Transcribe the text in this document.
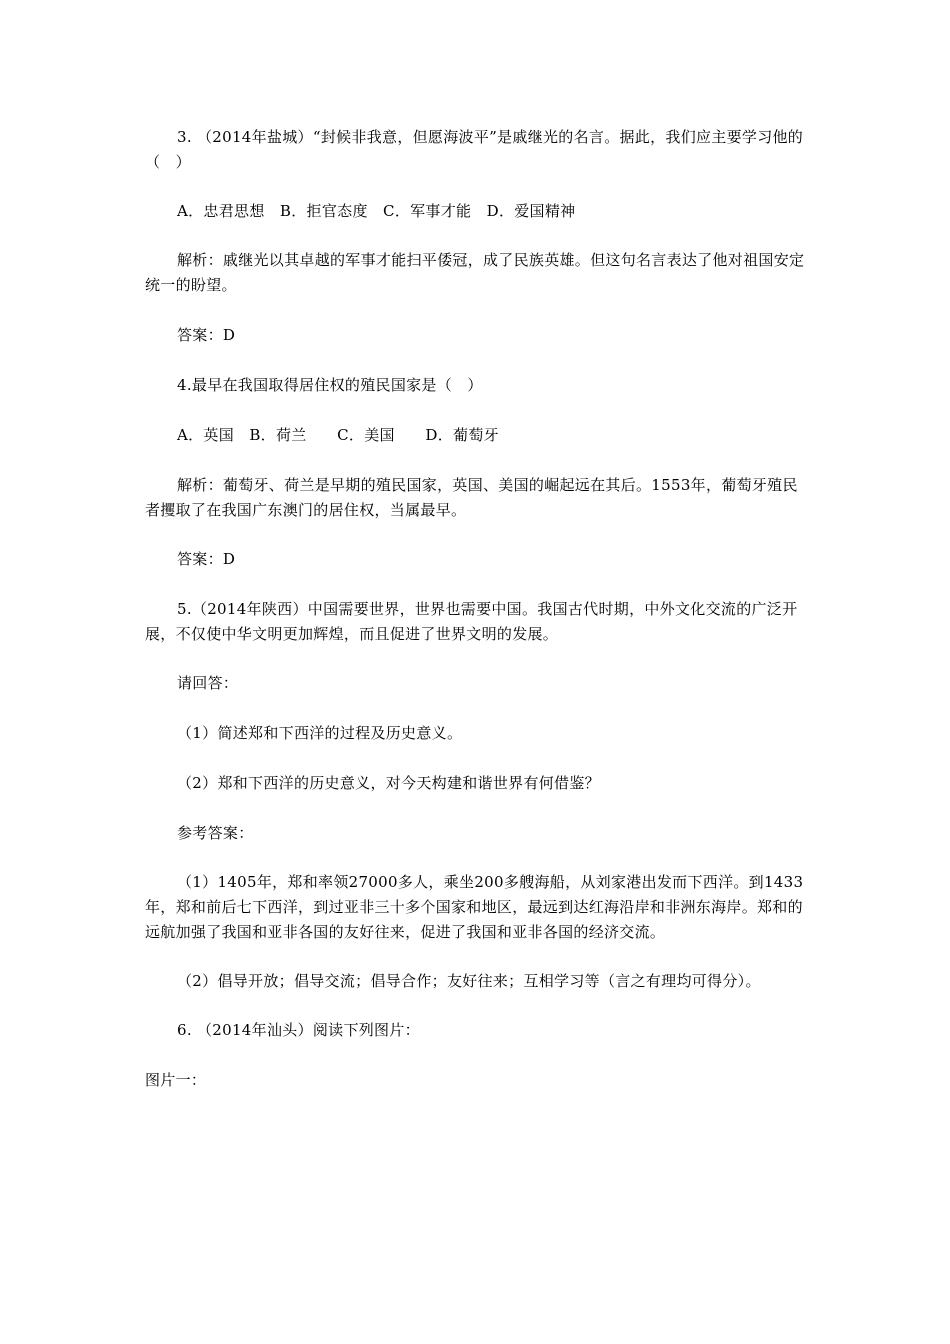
3. （2014年盐城）“封候非我意，但愿海波平”是戚继光的名言。据此，我们应主要学习他的（　）
A．忠君思想　B．拒官态度　C．军事才能　D．爱国精神
解析：戚继光以其卓越的军事才能扫平倭冠，成了民族英雄。但这句名言表达了他对祖国安定统一的盼望。
答案：D
4.最早在我国取得居住权的殖民国家是（　）
A．英国　B．荷兰　　C．美国　　D．葡萄牙
解析：葡萄牙、荷兰是早期的殖民国家，英国、美国的崛起远在其后。1553年，葡萄牙殖民者攫取了在我国广东澳门的居住权，当属最早。
答案：D
5.（2014年陕西）中国需要世界，世界也需要中国。我国古代时期，中外文化交流的广泛开展，不仅使中华文明更加辉煌，而且促进了世界文明的发展。
请回答：
（1）简述郑和下西洋的过程及历史意义。
（2）郑和下西洋的历史意义，对今天构建和谐世界有何借鉴？
参考答案：
（1）1405年，郑和率领27000多人，乘坐200多艘海船，从刘家港出发而下西洋。到1433年，郑和前后七下西洋，到过亚非三十多个国家和地区，最远到达红海沿岸和非洲东海岸。郑和的远航加强了我国和亚非各国的友好往来，促进了我国和亚非各国的经济交流。
（2）倡导开放；倡导交流；倡导合作；友好往来；互相学习等（言之有理均可得分）。
6. （2014年汕头）阅读下列图片：
图片一：
